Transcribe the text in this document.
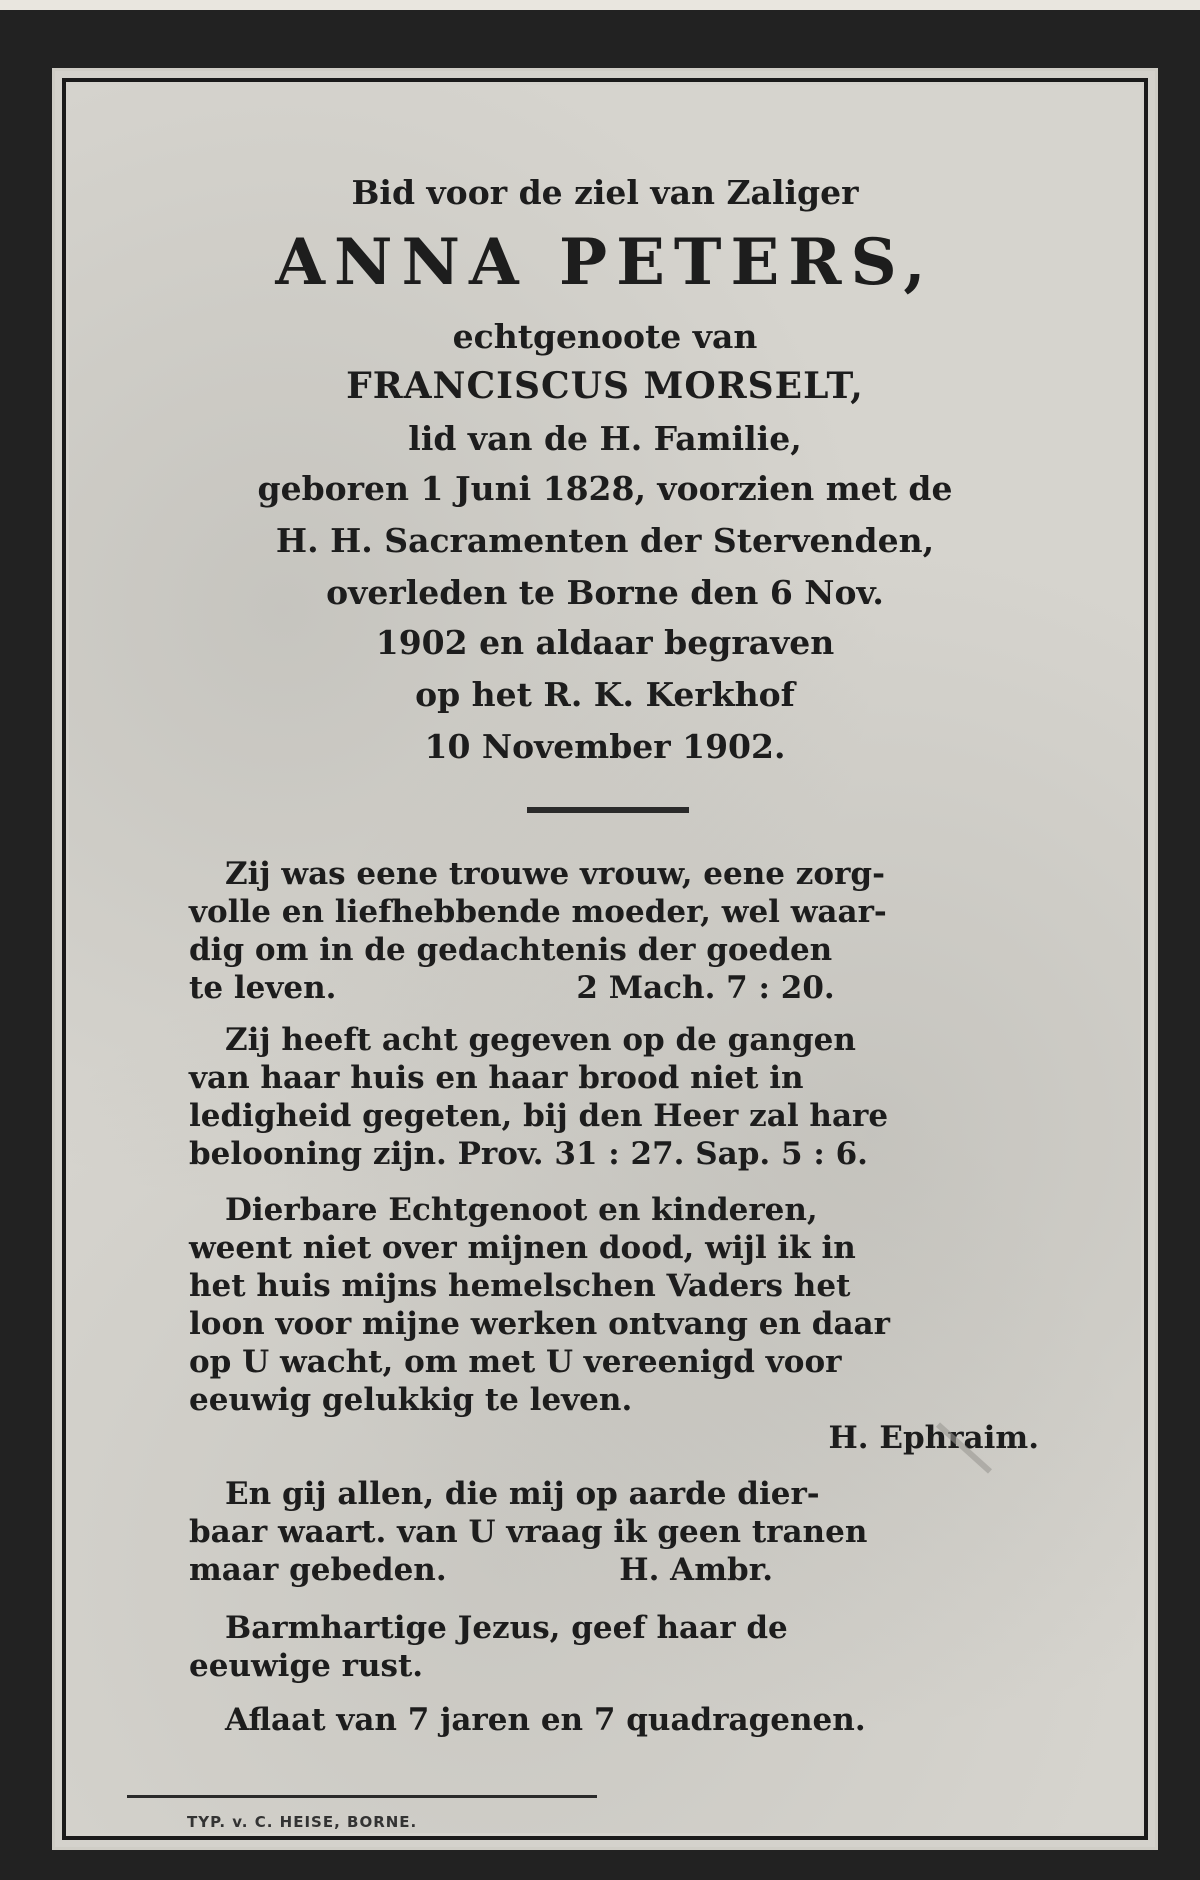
Bid voor de ziel van Zaliger
ANNA PETERS,
echtgenoote van
FRANCISCUS MORSELT,
lid van de H. Familie,
geboren 1 Juni 1828, voorzien met de
H. H. Sacramenten der Stervenden,
overleden te Borne den 6 Nov.
1902 en aldaar begraven
op het R. K. Kerkhof
10 November 1902.
Zij was eene trouwe vrouw, eene zorg-
volle en liefhebbende moeder, wel waar-
dig om in de gedachtenis der goeden
te leven.	2 Mach. 7 : 20.
Zij heeft acht gegeven op de gangen
van haar huis en haar brood niet in
ledigheid gegeten, bij den Heer zal hare
belooning zijn. Prov. 31 : 27. Sap. 5 : 6.
Dierbare Echtgenoot en kinderen,
weent niet over mijnen dood, wijl ik in
het huis mijns hemelschen Vaders het
loon voor mijne werken ontvang en daar
op U wacht, om met U vereenigd voor
eeuwig gelukkig te leven.
H. Ephraim.
En gij allen, die mij op aarde dier-
baar waart. van U vraag ik geen tranen
maar gebeden.                H. Ambr.
Barmhartige Jezus, geef haar de
eeuwige rust.
Aflaat van 7 jaren en 7 quadragenen.
TYP. v. C. HEISE, BORNE.
